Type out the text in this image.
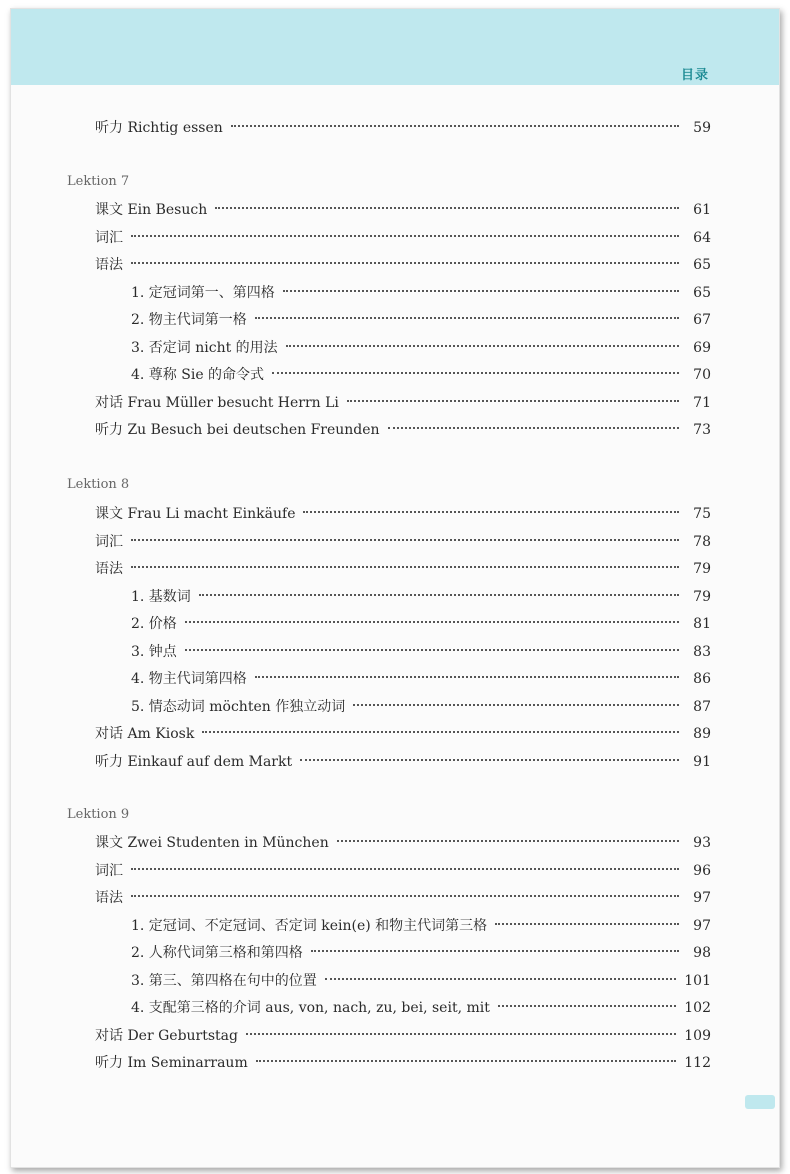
目录
听力 Richtig essen	59
Lektion 7
课文 Ein Besuch	61
词汇	64
语法	65
1. 定冠词第一、第四格	65
2. 物主代词第一格	67
3. 否定词 nicht 的用法	69
4. 尊称 Sie 的命令式	70
对话 Frau Müller besucht Herrn Li	71
听力 Zu Besuch bei deutschen Freunden	73
Lektion 8
课文 Frau Li macht Einkäufe	75
词汇	78
语法	79
1. 基数词	79
2. 价格	81
3. 钟点	83
4. 物主代词第四格	86
5. 情态动词 möchten 作独立动词	87
对话 Am Kiosk	89
听力 Einkauf auf dem Markt	91
Lektion 9
课文 Zwei Studenten in München	93
词汇	96
语法	97
1. 定冠词、不定冠词、否定词 kein(e) 和物主代词第三格	97
2. 人称代词第三格和第四格	98
3. 第三、第四格在句中的位置	101
4. 支配第三格的介词 aus, von, nach, zu, bei, seit, mit	102
对话 Der Geburtstag	109
听力 Im Seminarraum	112
